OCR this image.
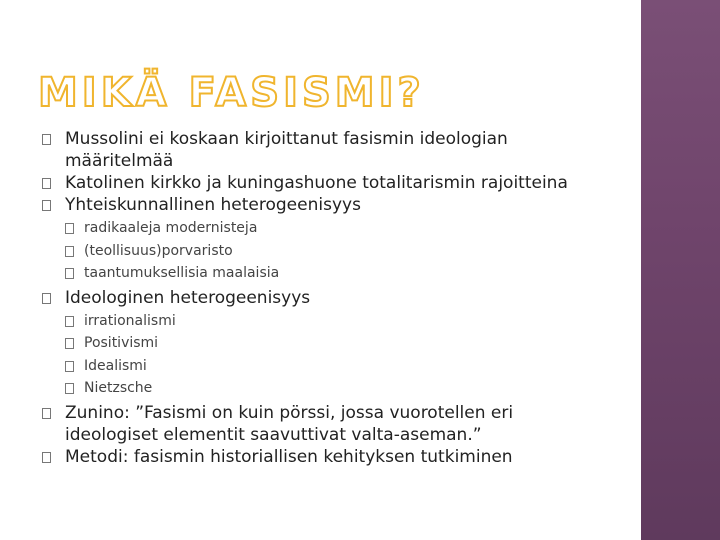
MIKÄ FASISMI?
Mussolini ei koskaan kirjoittanut fasismin ideologian määritelmää
Katolinen kirkko ja kuningashuone totalitarismin rajoitteina
Yhteiskunnallinen heterogeenisyys
radikaaleja modernisteja
(teollisuus)porvaristo
taantumuksellisia maalaisia
Ideologinen heterogeenisyys
irrationalismi
Positivismi
Idealismi
Nietzsche
Zunino: ”Fasismi on kuin pörssi, jossa vuorotellen eri ideologiset elementit saavuttivat valta-aseman.”
Metodi: fasismin historiallisen kehityksen tutkiminen
